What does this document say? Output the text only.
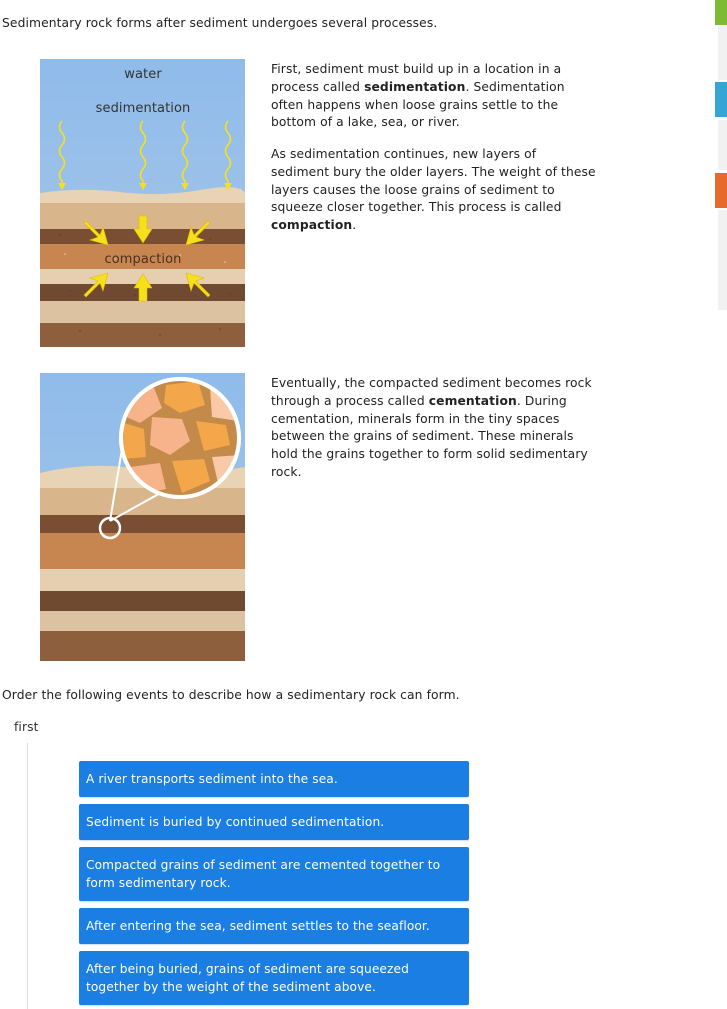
Sedimentary rock forms after sediment undergoes several processes.
water
sedimentation
compaction

First, sediment must build up in a location in a process called sedimentation. Sedimentation often happens when loose grains settle to the bottom of a lake, sea, or river.

As sedimentation continues, new layers of sediment bury the older layers. The weight of these layers causes the loose grains of sediment to squeeze closer together. This process is called compaction.

Eventually, the compacted sediment becomes rock through a process called cementation. During cementation, minerals form in the tiny spaces between the grains of sediment. These minerals hold the grains together to form solid sedimentary rock.

Order the following events to describe how a sedimentary rock can form.
first
A river transports sediment into the sea.
Sediment is buried by continued sedimentation.
Compacted grains of sediment are cemented together to form sedimentary rock.
After entering the sea, sediment settles to the seafloor.
After being buried, grains of sediment are squeezed together by the weight of the sediment above.
